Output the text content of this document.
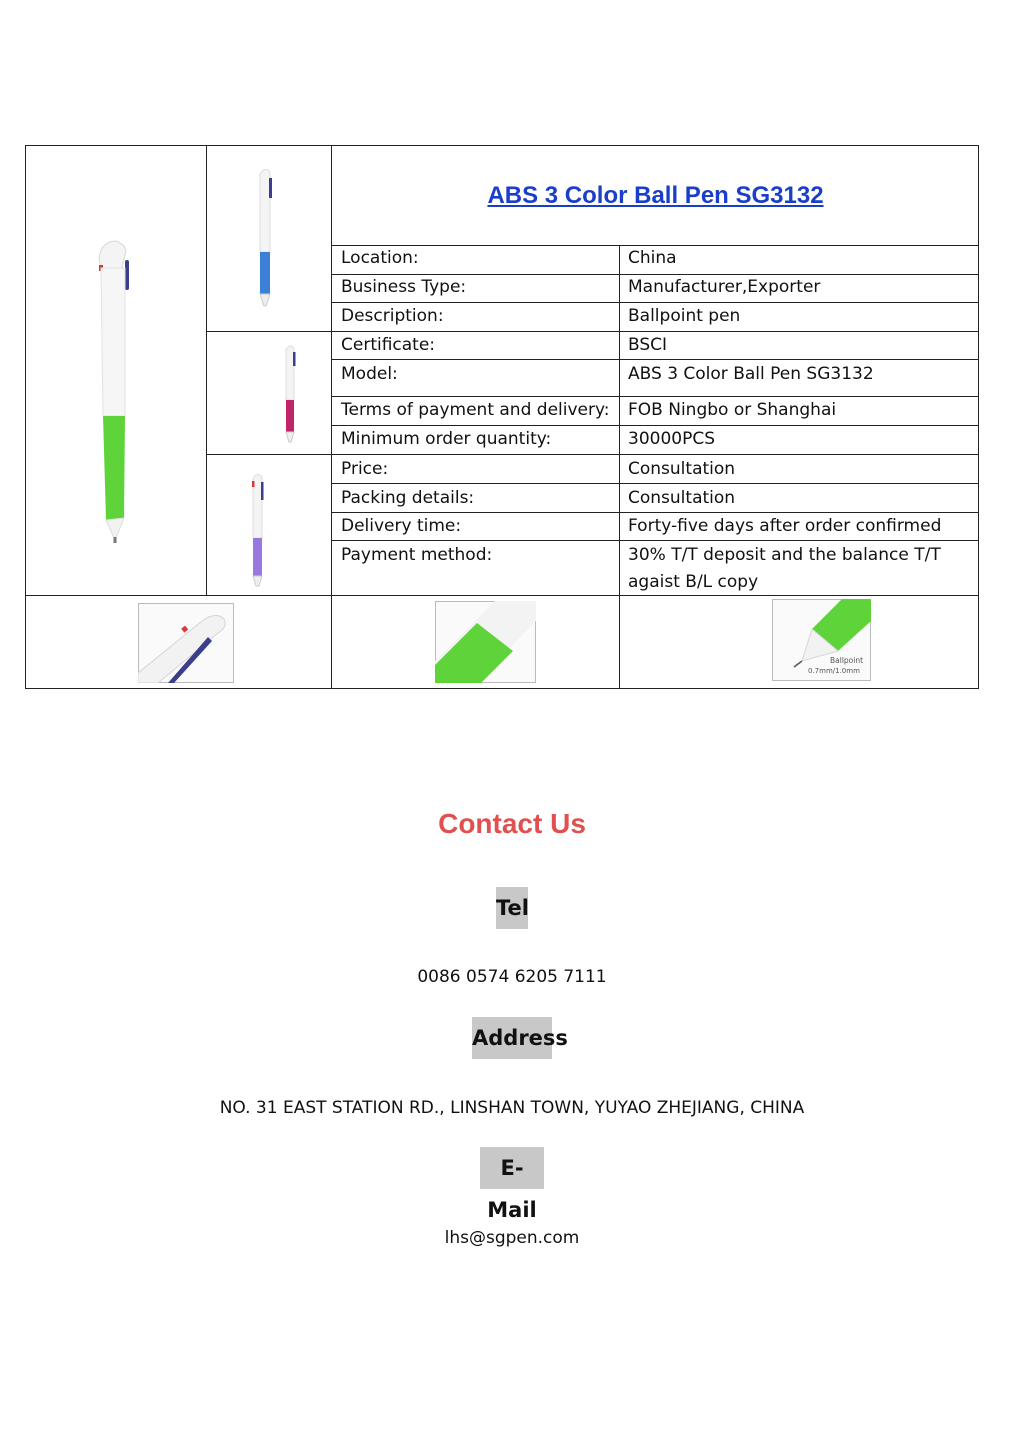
ABS 3 Color Ball Pen SG3132
Location:	China
Business Type:	Manufacturer,Exporter
Description:	Ballpoint pen
Certificate:	BSCI
Model:	ABS 3 Color Ball Pen SG3132
Terms of payment and delivery:	FOB Ningbo or Shanghai
Minimum order quantity:	30000PCS
Price:	Consultation
Packing details:	Consultation
Delivery time:	Forty-five days after order confirmed
Payment method:	30% T/T deposit and the balance T/T agaist B/L copy
Ballpoint
0.7mm/1.0mm
Contact Us
Tel
0086 0574 6205 7111
Address
NO. 31 EAST STATION RD., LINSHAN TOWN, YUYAO ZHEJIANG, CHINA
E-Mail
lhs@sgpen.com
